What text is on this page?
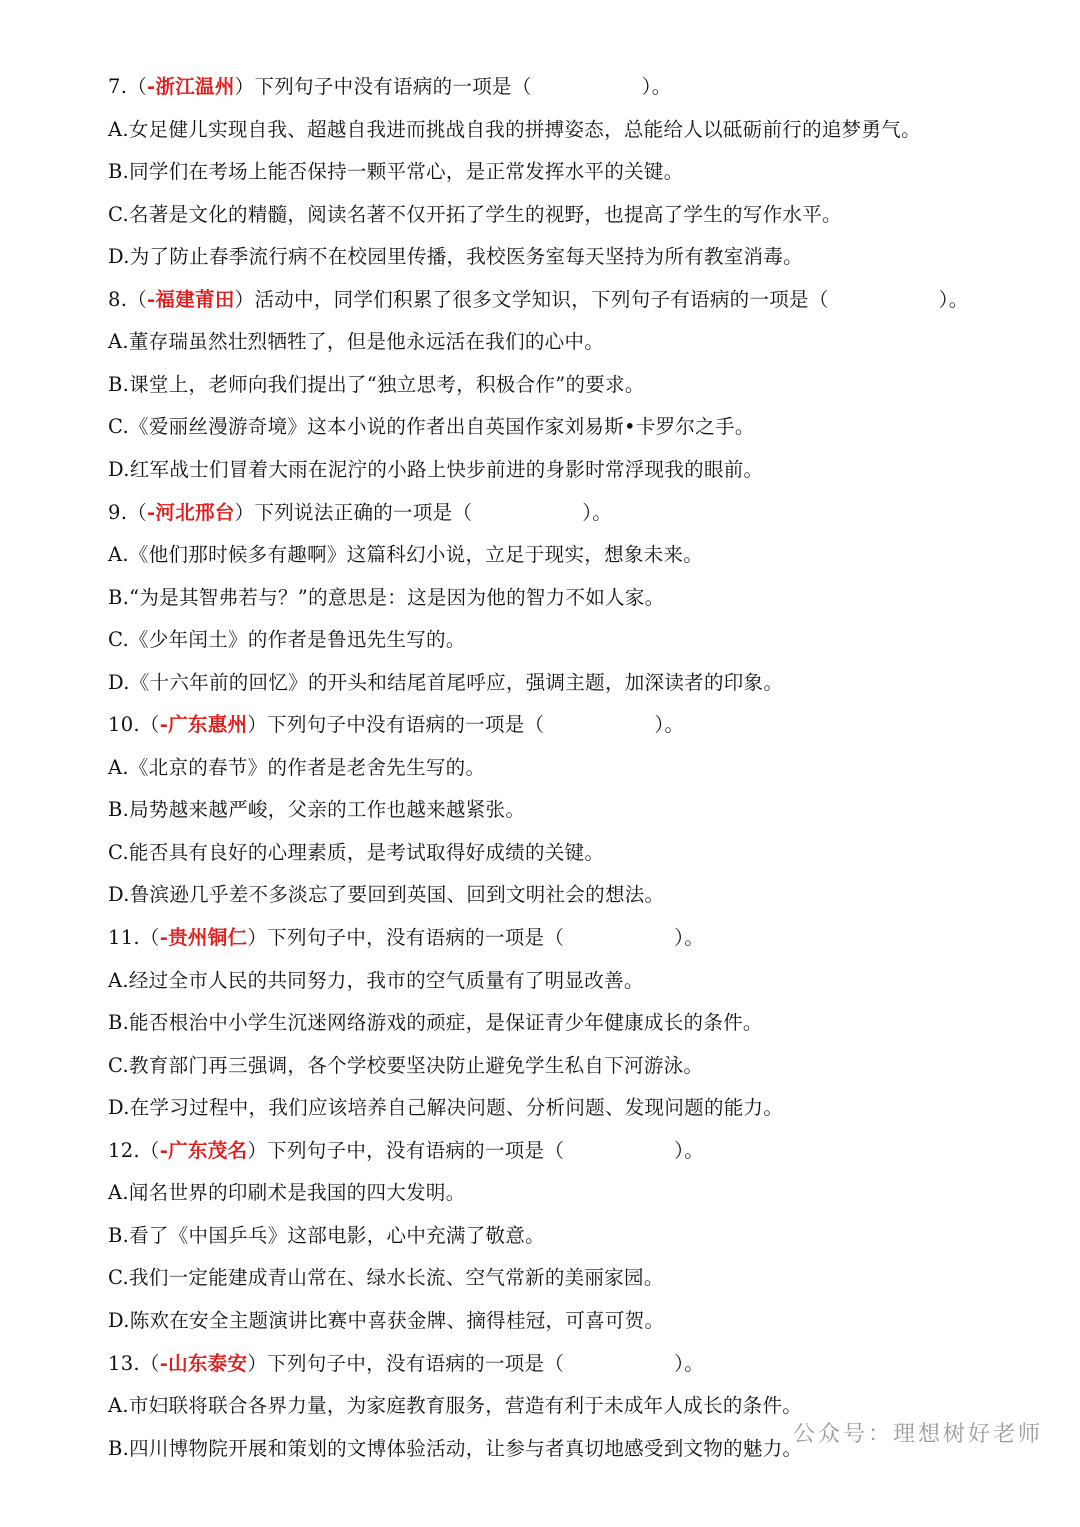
7.（-浙江温州）下列句子中没有语病的一项是（	）。
A.女足健儿实现自我、超越自我进而挑战自我的拼搏姿态，总能给人以砥砺前行的追梦勇气。
B.同学们在考场上能否保持一颗平常心，是正常发挥水平的关键。
C.名著是文化的精髓，阅读名著不仅开拓了学生的视野，也提高了学生的写作水平。
D.为了防止春季流行病不在校园里传播，我校医务室每天坚持为所有教室消毒。
8.（-福建莆田）活动中，同学们积累了很多文学知识，下列句子有语病的一项是（	）。
A.董存瑞虽然壮烈牺牲了，但是他永远活在我们的心中。
B.课堂上，老师向我们提出了“独立思考，积极合作”的要求。
C.《爱丽丝漫游奇境》这本小说的作者出自英国作家刘易斯•卡罗尔之手。
D.红军战士们冒着大雨在泥泞的小路上快步前进的身影时常浮现我的眼前。
9.（-河北邢台）下列说法正确的一项是（	）。
A.《他们那时候多有趣啊》这篇科幻小说，立足于现实，想象未来。
B.“为是其智弗若与？”的意思是：这是因为他的智力不如人家。
C.《少年闰土》的作者是鲁迅先生写的。
D.《十六年前的回忆》的开头和结尾首尾呼应，强调主题，加深读者的印象。
10.（-广东惠州）下列句子中没有语病的一项是（	）。
A.《北京的春节》的作者是老舍先生写的。
B.局势越来越严峻，父亲的工作也越来越紧张。
C.能否具有良好的心理素质，是考试取得好成绩的关键。
D.鲁滨逊几乎差不多淡忘了要回到英国、回到文明社会的想法。
11.（-贵州铜仁）下列句子中，没有语病的一项是（	）。
A.经过全市人民的共同努力，我市的空气质量有了明显改善。
B.能否根治中小学生沉迷网络游戏的顽症，是保证青少年健康成长的条件。
C.教育部门再三强调，各个学校要坚决防止避免学生私自下河游泳。
D.在学习过程中，我们应该培养自己解决问题、分析问题、发现问题的能力。
12.（-广东茂名）下列句子中，没有语病的一项是（	）。
A.闻名世界的印刷术是我国的四大发明。
B.看了《中国乒乓》这部电影，心中充满了敬意。
C.我们一定能建成青山常在、绿水长流、空气常新的美丽家园。
D.陈欢在安全主题演讲比赛中喜获金牌、摘得桂冠，可喜可贺。
13.（-山东泰安）下列句子中，没有语病的一项是（	）。
A.市妇联将联合各界力量，为家庭教育服务，营造有利于未成年人成长的条件。
B.四川博物院开展和策划的文博体验活动，让参与者真切地感受到文物的魅力。
公众号：理想树好老师
